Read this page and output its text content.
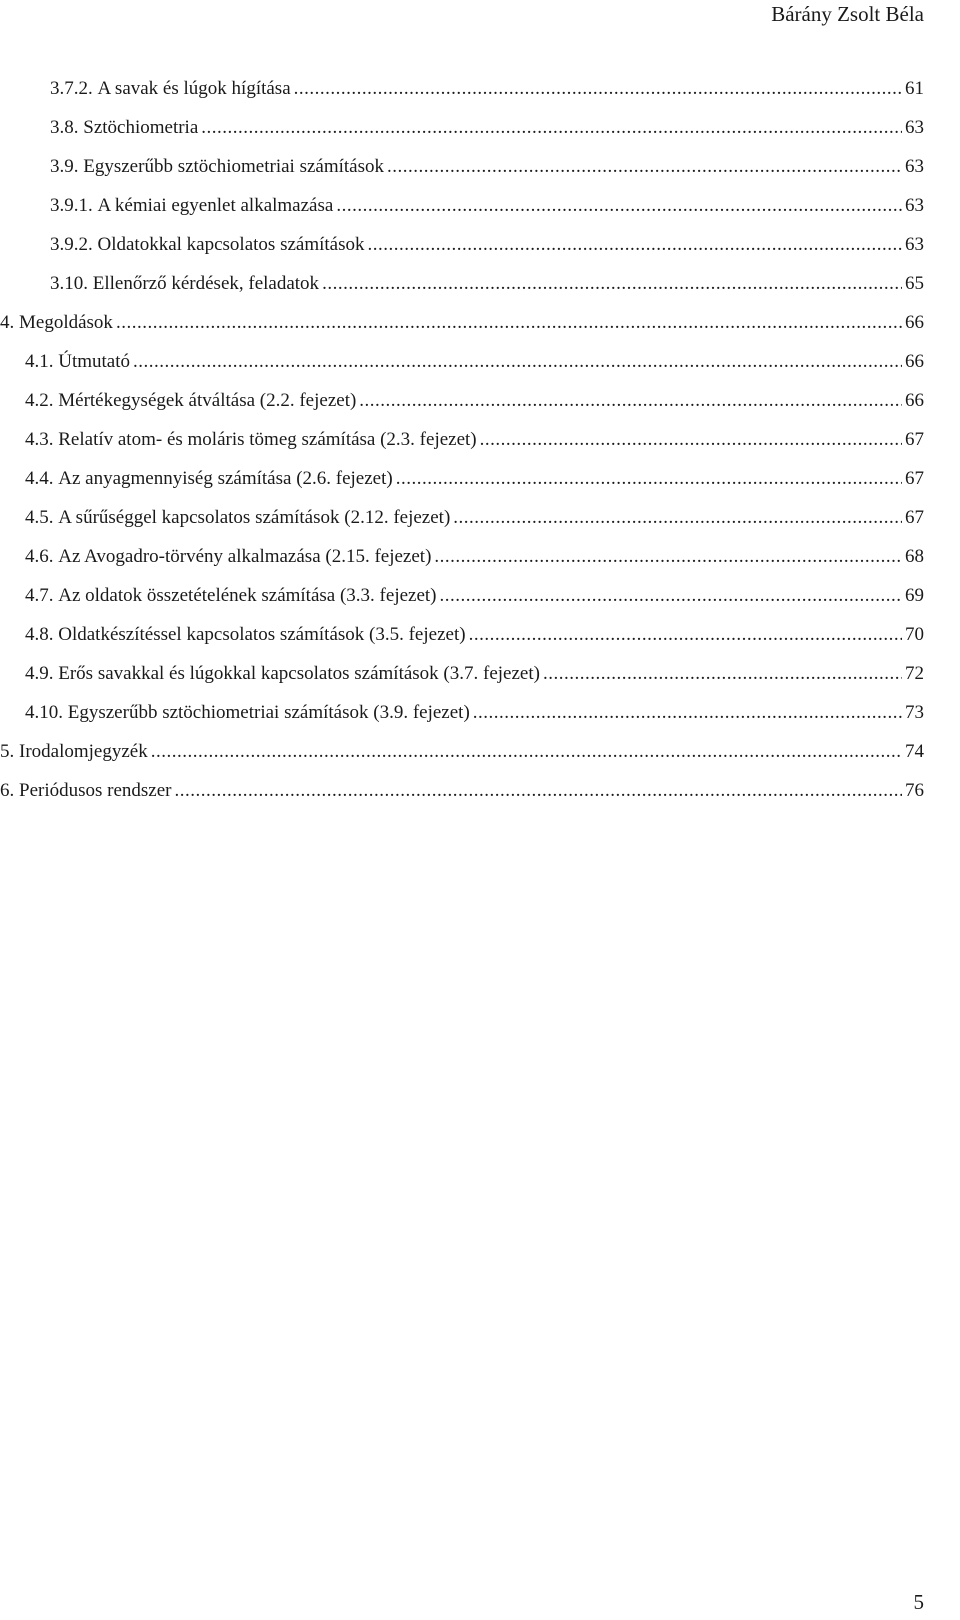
Bárány Zsolt Béla
3.7.2. A savak és lúgok hígítása .....	61
3.8. Sztöchiometria .....	63
3.9. Egyszerűbb sztöchiometriai számítások .....	63
3.9.1. A kémiai egyenlet alkalmazása .....	63
3.9.2. Oldatokkal kapcsolatos számítások .....	63
3.10. Ellenőrző kérdések, feladatok .....	65
4. Megoldások .....	66
4.1. Útmutató .....	66
4.2. Mértékegységek átváltása (2.2. fejezet) .....	66
4.3. Relatív atom- és moláris tömeg számítása (2.3. fejezet) .....	67
4.4. Az anyagmennyiség számítása (2.6. fejezet) .....	67
4.5. A sűrűséggel kapcsolatos számítások (2.12. fejezet) .....	67
4.6. Az Avogadro-törvény alkalmazása (2.15. fejezet) .....	68
4.7. Az oldatok összetételének számítása (3.3. fejezet) .....	69
4.8. Oldatkészítéssel kapcsolatos számítások (3.5. fejezet) .....	70
4.9. Erős savakkal és lúgokkal kapcsolatos számítások (3.7. fejezet) .....	72
4.10. Egyszerűbb sztöchiometriai számítások (3.9. fejezet) .....	73
5. Irodalomjegyzék .....	74
6. Periódusos rendszer .....	76
5
